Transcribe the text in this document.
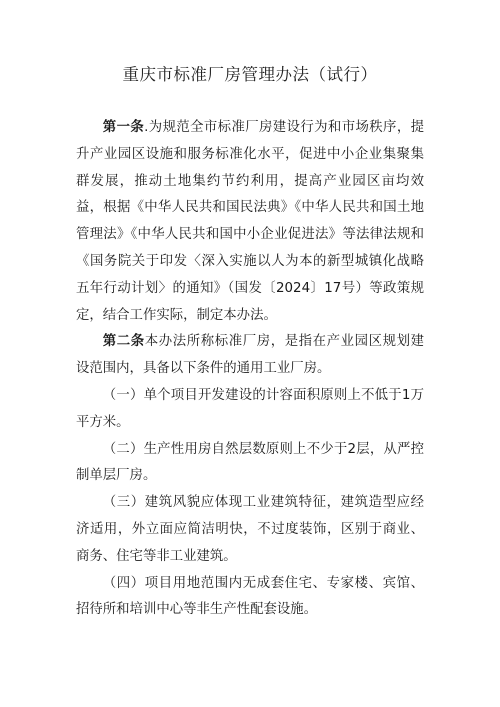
重庆市标准厂房管理办法（试行）

第一条.为规范全市标准厂房建设行为和市场秩序，提升产业园区设施和服务标准化水平，促进中小企业集聚集群发展，推动土地集约节约利用，提高产业园区亩均效益，根据《中华人民共和国民法典》《中华人民共和国土地管理法》《中华人民共和国中小企业促进法》等法律法规和《国务院关于印发〈深入实施以人为本的新型城镇化战略五年行动计划〉的通知》（国发〔2024〕17号）等政策规定，结合工作实际，制定本办法。

第二条本办法所称标准厂房，是指在产业园区规划建设范围内，具备以下条件的通用工业厂房。

（一）单个项目开发建设的计容面积原则上不低于1万平方米。

（二）生产性用房自然层数原则上不少于2层，从严控制单层厂房。

（三）建筑风貌应体现工业建筑特征，建筑造型应经济适用，外立面应简洁明快，不过度装饰，区别于商业、商务、住宅等非工业建筑。

（四）项目用地范围内无成套住宅、专家楼、宾馆、招待所和培训中心等非生产性配套设施。
